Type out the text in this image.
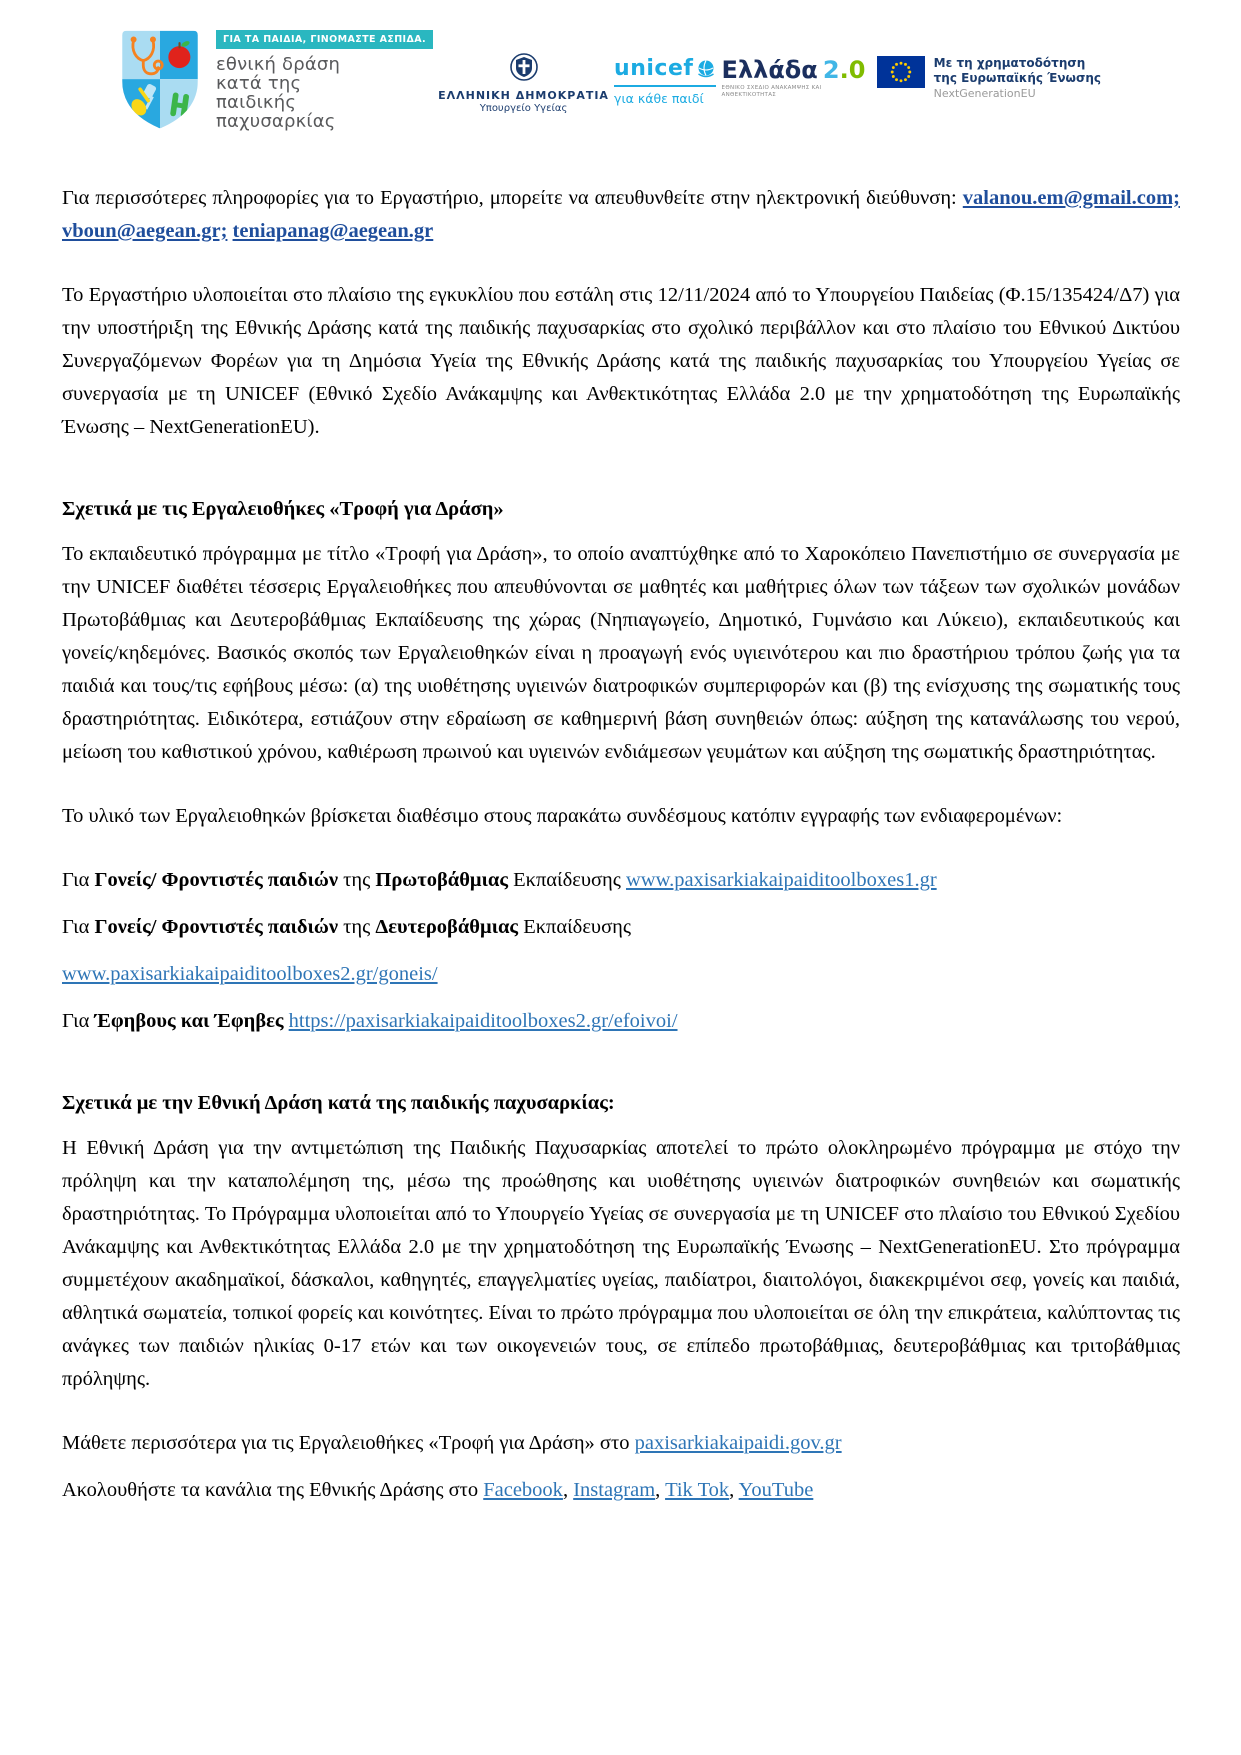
ΓΙΑ ΤΑ ΠΑΙΔΙΑ, ΓΙΝΟΜΑΣΤΕ ΑΣΠΙΔΑ.
εθνική δράση
κατά της
παιδικής
παχυσαρκίας
ΕΛΛΗΝΙΚΗ ΔΗΜΟΚΡΑΤΙΑ
Υπουργείο Υγείας
unicef
για κάθε παιδί
Ελλάδα 2.0
ΕΘΝΙΚΟ ΣΧΕΔΙΟ ΑΝΑΚΑΜΨΗΣ ΚΑΙ ΑΝΘΕΚΤΙΚΟΤΗΤΑΣ
Με τη χρηματοδότηση
της Ευρωπαϊκής Ένωσης
NextGenerationEU

Για περισσότερες πληροφορίες για το Εργαστήριο, μπορείτε να απευθυνθείτε στην ηλεκτρονική διεύθυνση: valanou.em@gmail.com; vboun@aegean.gr; teniapanag@aegean.gr

Το Εργαστήριο υλοποιείται στο πλαίσιο της εγκυκλίου που εστάλη στις 12/11/2024 από το Υπουργείου Παιδείας (Φ.15/135424/Δ7) για την υποστήριξη της Εθνικής Δράσης κατά της παιδικής παχυσαρκίας στο σχολικό περιβάλλον και στο πλαίσιο του Εθνικού Δικτύου Συνεργαζόμενων Φορέων για τη Δημόσια Υγεία της Εθνικής Δράσης κατά της παιδικής παχυσαρκίας του Υπουργείου Υγείας σε συνεργασία με τη UNICEF (Εθνικό Σχεδίο Ανάκαμψης και Ανθεκτικότητας Ελλάδα 2.0 με την χρηματοδότηση της Ευρωπαϊκής Ένωσης – NextGenerationEU).

Σχετικά με τις Εργαλειοθήκες «Τροφή για Δράση»

Το εκπαιδευτικό πρόγραμμα με τίτλο «Τροφή για Δράση», το οποίο αναπτύχθηκε από το Χαροκόπειο Πανεπιστήμιο σε συνεργασία με την UNICEF διαθέτει τέσσερις Εργαλειοθήκες που απευθύνονται σε μαθητές και μαθήτριες όλων των τάξεων των σχολικών μονάδων Πρωτοβάθμιας και Δευτεροβάθμιας Εκπαίδευσης της χώρας (Νηπιαγωγείο, Δημοτικό, Γυμνάσιο και Λύκειο), εκπαιδευτικούς και γονείς/κηδεμόνες. Βασικός σκοπός των Εργαλειοθηκών είναι η προαγωγή ενός υγιεινότερου και πιο δραστήριου τρόπου ζωής για τα παιδιά και τους/τις εφήβους μέσω: (α) της υιοθέτησης υγιεινών διατροφικών συμπεριφορών και (β) της ενίσχυσης της σωματικής τους δραστηριότητας. Ειδικότερα, εστιάζουν στην εδραίωση σε καθημερινή βάση συνηθειών όπως: αύξηση της κατανάλωσης του νερού, μείωση του καθιστικού χρόνου, καθιέρωση πρωινού και υγιεινών ενδιάμεσων γευμάτων και αύξηση της σωματικής δραστηριότητας.

Το υλικό των Εργαλειοθηκών βρίσκεται διαθέσιμο στους παρακάτω συνδέσμους κατόπιν εγγραφής των ενδιαφερομένων:

Για Γονείς/ Φροντιστές παιδιών της Πρωτοβάθμιας Εκπαίδευσης www.paxisarkiakaipaiditoolboxes1.gr

Για Γονείς/ Φροντιστές παιδιών της Δευτεροβάθμιας Εκπαίδευσης

www.paxisarkiakaipaiditoolboxes2.gr/goneis/

Για Έφηβους και Έφηβες https://paxisarkiakaipaiditoolboxes2.gr/efoivoi/

Σχετικά με την Εθνική Δράση κατά της παιδικής παχυσαρκίας:

Η Εθνική Δράση για την αντιμετώπιση της Παιδικής Παχυσαρκίας αποτελεί το πρώτο ολοκληρωμένο πρόγραμμα με στόχο την πρόληψη και την καταπολέμηση της, μέσω της προώθησης και υιοθέτησης υγιεινών διατροφικών συνηθειών και σωματικής δραστηριότητας. Το Πρόγραμμα υλοποιείται από το Υπουργείο Υγείας σε συνεργασία με τη UNICEF στο πλαίσιο του Εθνικού Σχεδίου Ανάκαμψης και Ανθεκτικότητας Ελλάδα 2.0 με την χρηματοδότηση της Ευρωπαϊκής Ένωσης – NextGenerationEU. Στο πρόγραμμα συμμετέχουν ακαδημαϊκοί, δάσκαλοι, καθηγητές, επαγγελματίες υγείας, παιδίατροι, διαιτολόγοι, διακεκριμένοι σεφ, γονείς και παιδιά, αθλητικά σωματεία, τοπικοί φορείς και κοινότητες. Είναι το πρώτο πρόγραμμα που υλοποιείται σε όλη την επικράτεια, καλύπτοντας τις ανάγκες των παιδιών ηλικίας 0-17 ετών και των οικογενειών τους, σε επίπεδο πρωτοβάθμιας, δευτεροβάθμιας και τριτοβάθμιας πρόληψης.

Μάθετε περισσότερα για τις Εργαλειοθήκες «Τροφή για Δράση» στο paxisarkiakaipaidi.gov.gr

Ακολουθήστε τα κανάλια της Εθνικής Δράσης στο Facebook, Instagram, Tik Tok, YouTube
